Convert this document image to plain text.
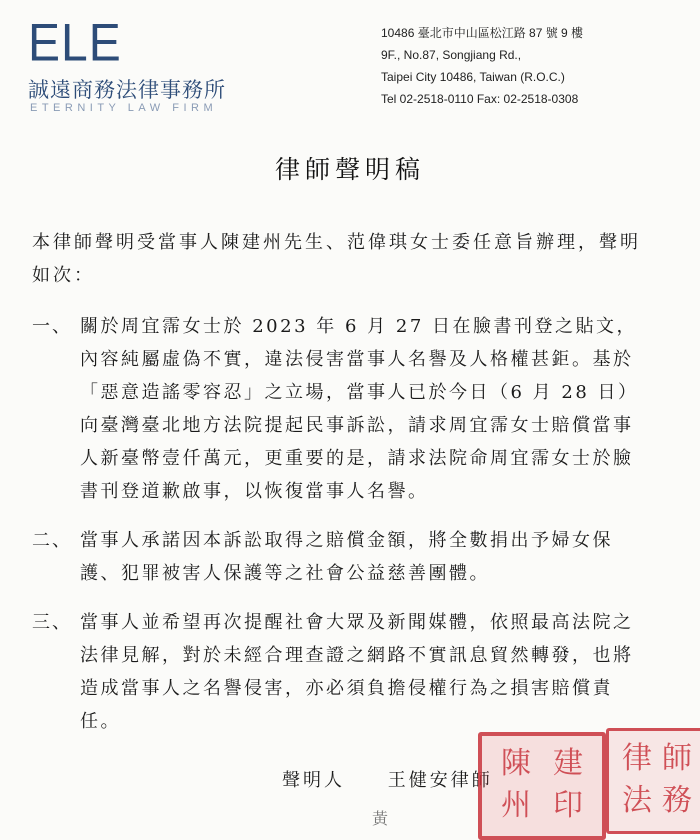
ELE
誠遠商務法律事務所
ETERNITY LAW FIRM
10486 臺北市中山區松江路 87 號 9 樓
9F., No.87, Songjiang Rd.,
Taipei City 10486, Taiwan (R.O.C.)
Tel 02-2518-0110 Fax: 02-2518-0308
律師聲明稿

本律師聲明受當事人陳建州先生、范偉琪女士委任意旨辦理，聲明如次：

一、 關於周宜霈女士於 2023 年 6 月 27 日在臉書刊登之貼文，內容純屬虛偽不實，違法侵害當事人名譽及人格權甚鉅。基於「惡意造謠零容忍」之立場，當事人已於今日（6 月 28 日）向臺灣臺北地方法院提起民事訴訟，請求周宜霈女士賠償當事人新臺幣壹仟萬元，更重要的是，請求法院命周宜霈女士於臉書刊登道歉啟事，以恢復當事人名譽。

二、 當事人承諾因本訴訟取得之賠償金額，將全數捐出予婦女保護、犯罪被害人保護等之社會公益慈善團體。

三、 當事人並希望再次提醒社會大眾及新聞媒體，依照最高法院之法律見解，對於未經合理查證之網路不實訊息貿然轉發，也將造成當事人之名譽侵害，亦必須負擔侵權行為之損害賠償責任。

聲明人 王健安律師
黃
陳 建
州 印
律 師
法 務
